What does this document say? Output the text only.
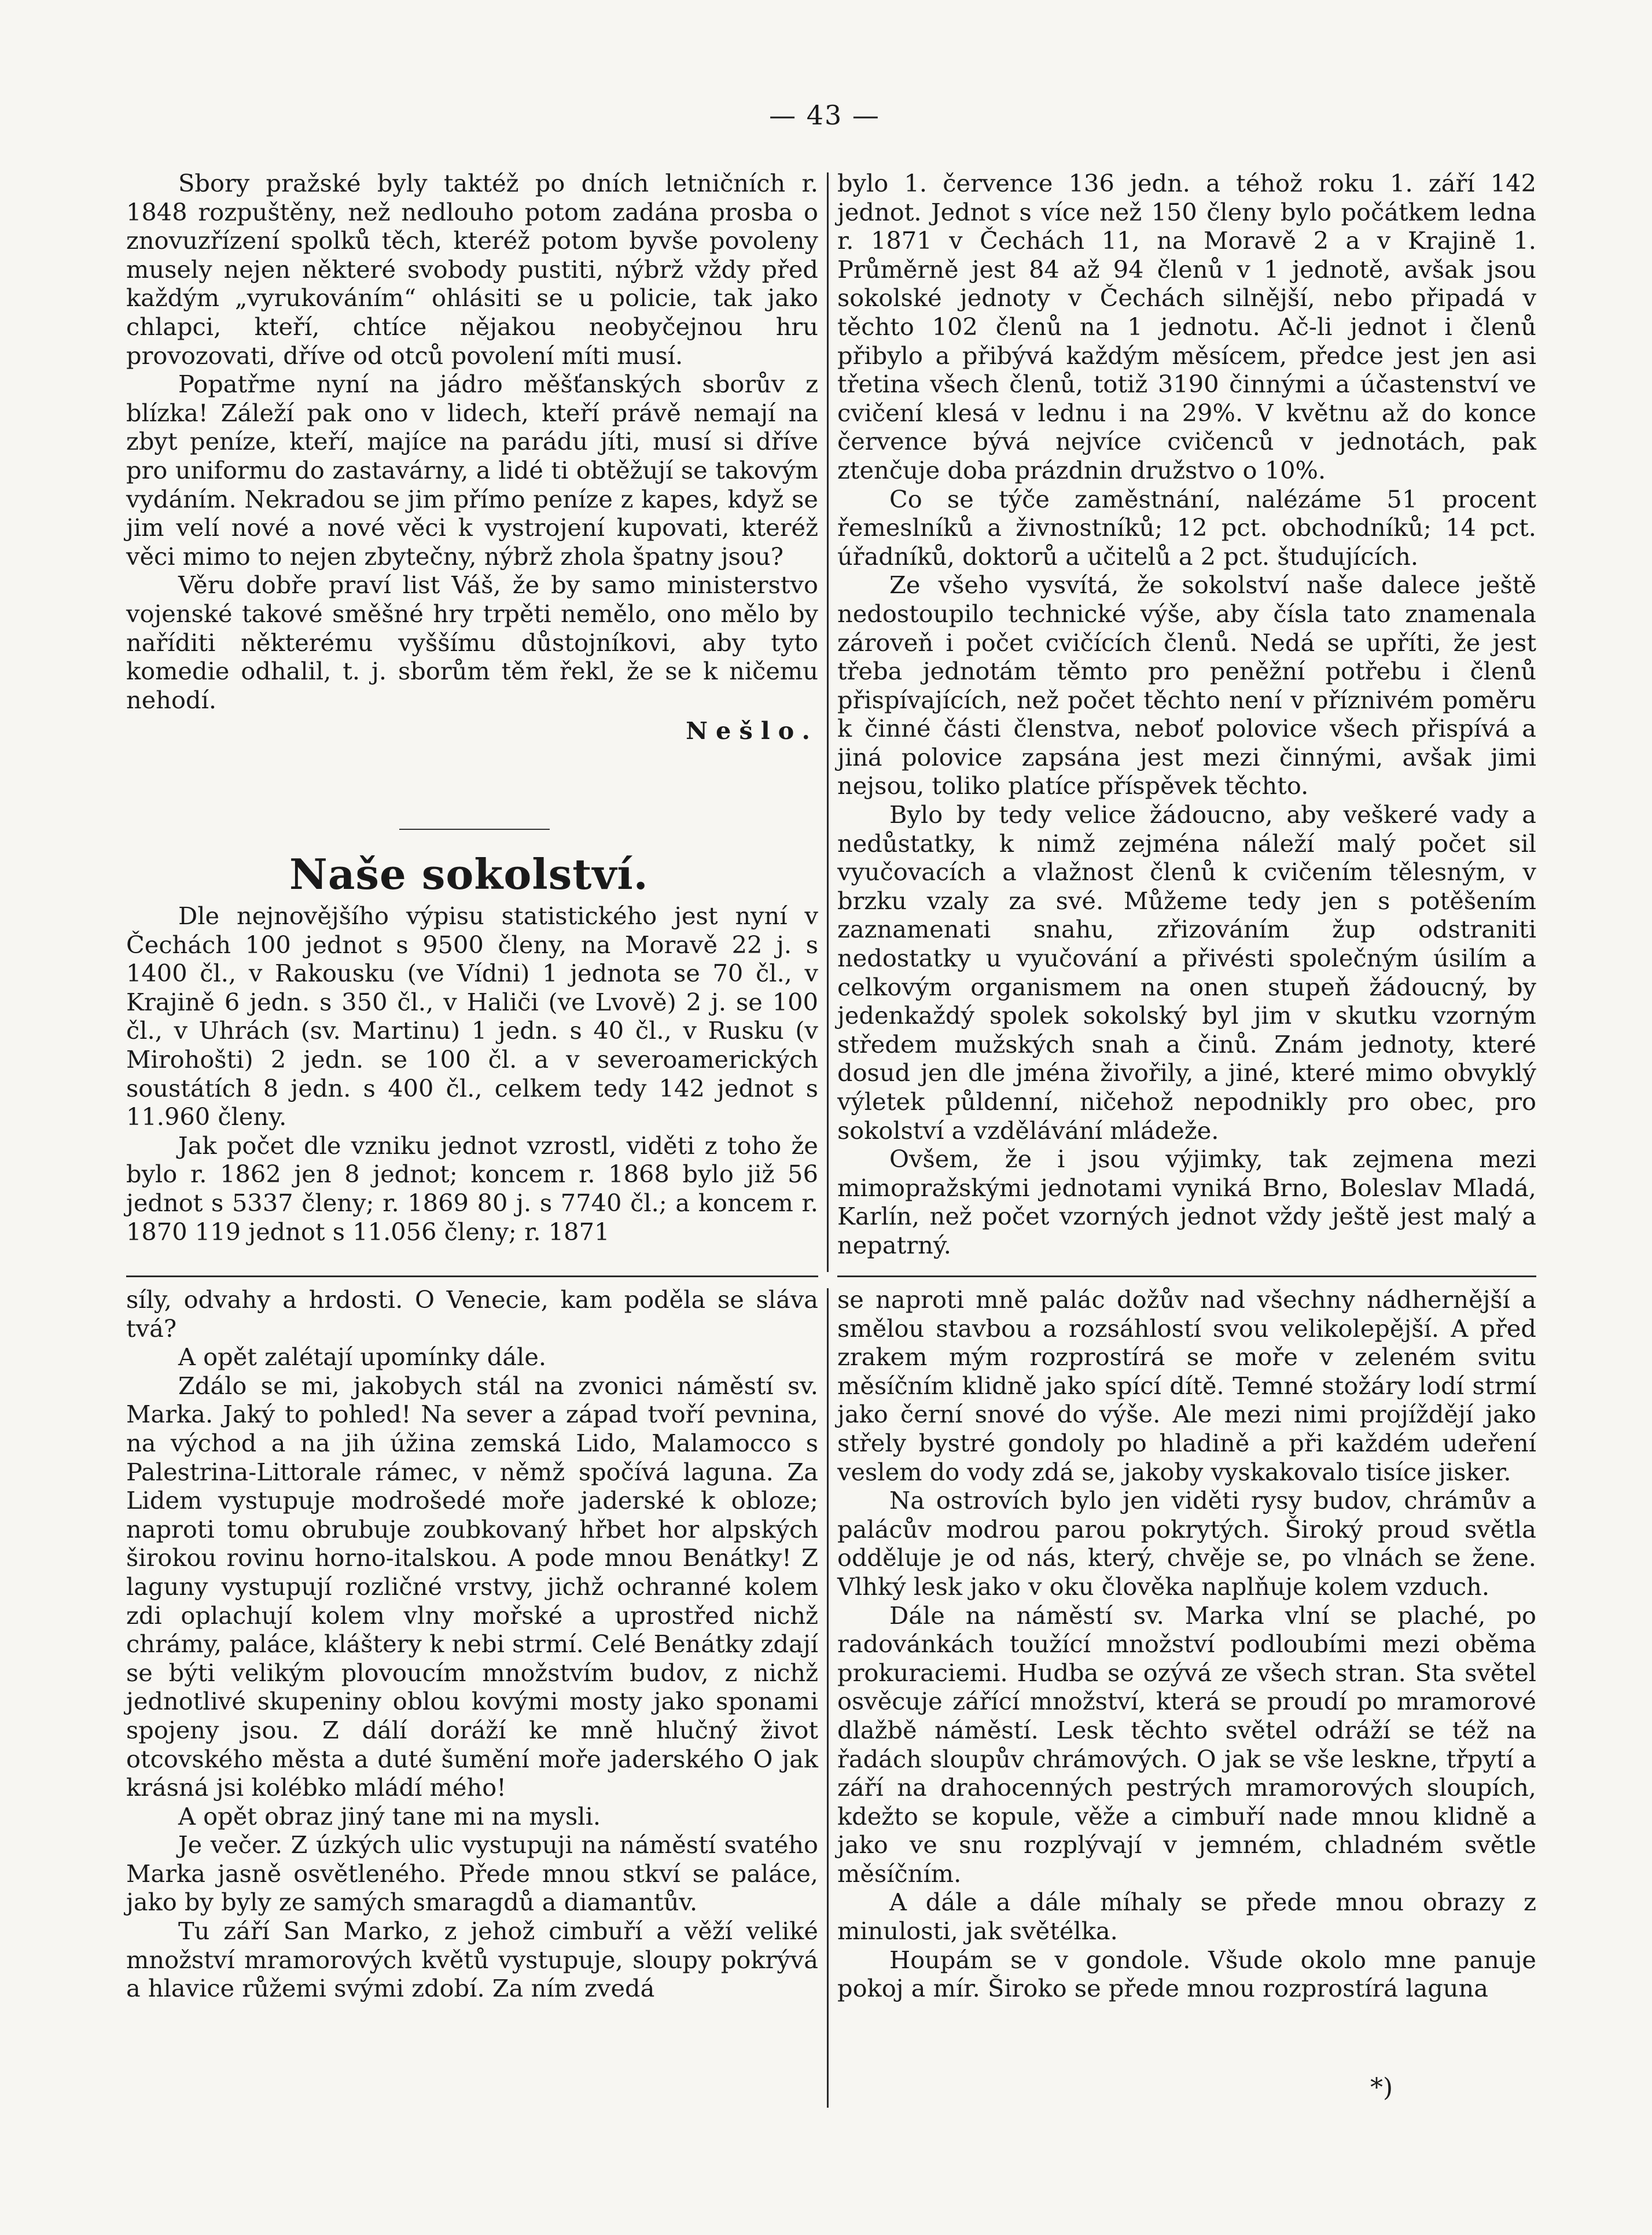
— 43 —

Sbory pražské byly taktéž po dních letničních r. 1848 rozpuštěny, než nedlouho potom zadána prosba o znovuzřízení spolků těch, kteréž potom byvše povoleny musely nejen některé svobody pustiti, nýbrž vždy před každým „vyrukováním“ ohlásiti se u policie, tak jako chlapci, kteří, chtíce nějakou neobyčejnou hru provozovati, dříve od otců povolení míti musí.

Popatřme nyní na jádro měšťanských sborův z blízka! Záleží pak ono v lidech, kteří právě nemají na zbyt peníze, kteří, majíce na parádu jíti, musí si dříve pro uniformu do zastavárny, a lidé ti obtěžují se takovým vydáním. Nekradou se jim přímo peníze z kapes, když se jim velí nové a nové věci k vystrojení kupovati, kteréž věci mimo to nejen zbytečny, nýbrž zhola špatny jsou?

Věru dobře praví list Váš, že by samo ministerstvo vojenské takové směšné hry trpěti nemělo, ono mělo by naříditi některému vyššímu důstojníkovi, aby tyto komedie odhalil, t. j. sborům těm řekl, že se k ničemu nehodí.

Nešlo.

Naše sokolství.

Dle nejnovějšího výpisu statistického jest nyní v Čechách 100 jednot s 9500 členy, na Moravě 22 j. s 1400 čl., v Rakousku (ve Vídni) 1 jednota se 70 čl., v Krajině 6 jedn. s 350 čl., v Haliči (ve Lvově) 2 j. se 100 čl., v Uhrách (sv. Martinu) 1 jedn. s 40 čl., v Rusku (v Mirohošti) 2 jedn. se 100 čl. a v severoamerických soustátích 8 jedn. s 400 čl., celkem tedy 142 jednot s 11.960 členy.

Jak počet dle vzniku jednot vzrostl, viděti z toho že bylo r. 1862 jen 8 jednot; koncem r. 1868 bylo již 56 jednot s 5337 členy; r. 1869 80 j. s 7740 čl.; a koncem r. 1870 119 jednot s 11.056 členy; r. 1871

bylo 1. července 136 jedn. a téhož roku 1. září 142 jednot. Jednot s více než 150 členy bylo počátkem ledna r. 1871 v Čechách 11, na Moravě 2 a v Krajině 1. Průměrně jest 84 až 94 členů v 1 jednotě, avšak jsou sokolské jednoty v Čechách silnější, nebo připadá v těchto 102 členů na 1 jednotu. Ač-li jednot i členů přibylo a přibývá každým měsícem, předce jest jen asi třetina všech členů, totiž 3190 činnými a účastenství ve cvičení klesá v lednu i na 29%. V květnu až do konce července bývá nejvíce cvičenců v jednotách, pak ztenčuje doba prázdnin družstvo o 10%.

Co se týče zaměstnání, nalézáme 51 procent řemeslníků a živnostníků; 12 pct. obchodníků; 14 pct. úřadníků, doktorů a učitelů a 2 pct. študujících.

Ze všeho vysvítá, že sokolství naše dalece ještě nedostoupilo technické výše, aby čísla tato znamenala zároveň i počet cvičících členů. Nedá se upříti, že jest třeba jednotám těmto pro peněžní potřebu i členů přispívajících, než počet těchto není v příznivém poměru k činné části členstva, neboť polovice všech přispívá a jiná polovice zapsána jest mezi činnými, avšak jimi nejsou, toliko platíce příspěvek těchto.

Bylo by tedy velice žádoucno, aby veškeré vady a nedůstatky, k nimž zejména náleží malý počet sil vyučovacích a vlažnost členů k cvičením tělesným, v brzku vzaly za své. Můžeme tedy jen s potěšením zaznamenati snahu, zřizováním žup odstraniti nedostatky u vyučování a přivésti společným úsilím a celkovým organismem na onen stupeň žádoucný, by jedenkaždý spolek sokolský byl jim v skutku vzorným středem mužských snah a činů. Znám jednoty, které dosud jen dle jména živořily, a jiné, které mimo obvyklý výletek půldenní, ničehož nepodnikly pro obec, pro sokolství a vzdělávání mládeže.

Ovšem, že i jsou výjimky, tak zejmena mezi mimopražskými jednotami vyniká Brno, Boleslav Mladá, Karlín, než počet vzorných jednot vždy ještě jest malý a nepatrný.

síly, odvahy a hrdosti. O Venecie, kam poděla se sláva tvá?

A opět zalétají upomínky dále.

Zdálo se mi, jakobych stál na zvonici náměstí sv. Marka. Jaký to pohled! Na sever a západ tvoří pevnina, na východ a na jih úžina zemská Lido, Malamocco s Palestrina-Littorale rámec, v němž spočívá laguna. Za Lidem vystupuje modrošedé moře jaderské k obloze; naproti tomu obrubuje zoubkovaný hřbet hor alpských širokou rovinu horno-italskou. A pode mnou Benátky! Z laguny vystupují rozličné vrstvy, jichž ochranné kolem zdi oplachují kolem vlny mořské a uprostřed nichž chrámy, paláce, kláštery k nebi strmí. Celé Benátky zdají se býti velikým plovoucím množstvím budov, z nichž jednotlivé skupeniny oblou kovými mosty jako sponami spojeny jsou. Z dálí doráží ke mně hlučný život otcovského města a duté šumění moře jaderského O jak krásná jsi kolébko mládí mého!

A opět obraz jiný tane mi na mysli.

Je večer. Z úzkých ulic vystupuji na náměstí svatého Marka jasně osvětleného. Přede mnou stkví se paláce, jako by byly ze samých smaragdů a diamantův.

Tu září San Marko, z jehož cimbuří a věží veliké množství mramorových květů vystupuje, sloupy pokrývá a hlavice růžemi svými zdobí. Za ním zvedá

se naproti mně palác dožův nad všechny nádhernější a smělou stavbou a rozsáhlostí svou velikolepější. A před zrakem mým rozprostírá se moře v zeleném svitu měsíčním klidně jako spící dítě. Temné stožáry lodí strmí jako černí snové do výše. Ale mezi nimi projíždějí jako střely bystré gondoly po hladině a při každém udeření veslem do vody zdá se, jakoby vyskakovalo tisíce jisker.

Na ostrovích bylo jen viděti rysy budov, chrámův a palácův modrou parou pokrytých. Široký proud světla odděluje je od nás, který, chvěje se, po vlnách se žene. Vlhký lesk jako v oku člověka naplňuje kolem vzduch.

Dále na náměstí sv. Marka vlní se plaché, po radovánkách toužící množství podloubími mezi oběma prokuraciemi. Hudba se ozývá ze všech stran. Sta světel osvěcuje zářící množství, která se proudí po mramorové dlažbě náměstí. Lesk těchto světel odráží se též na řadách sloupův chrámových. O jak se vše leskne, třpytí a září na drahocenných pestrých mramorových sloupích, kdežto se kopule, věže a cimbuří nade mnou klidně a jako ve snu rozplývají v jemném, chladném světle měsíčním.

A dále a dále míhaly se přede mnou obrazy z minulosti, jak světélka.

Houpám se v gondole. Všude okolo mne panuje pokoj a mír. Široko se přede mnou rozprostírá laguna

*)
